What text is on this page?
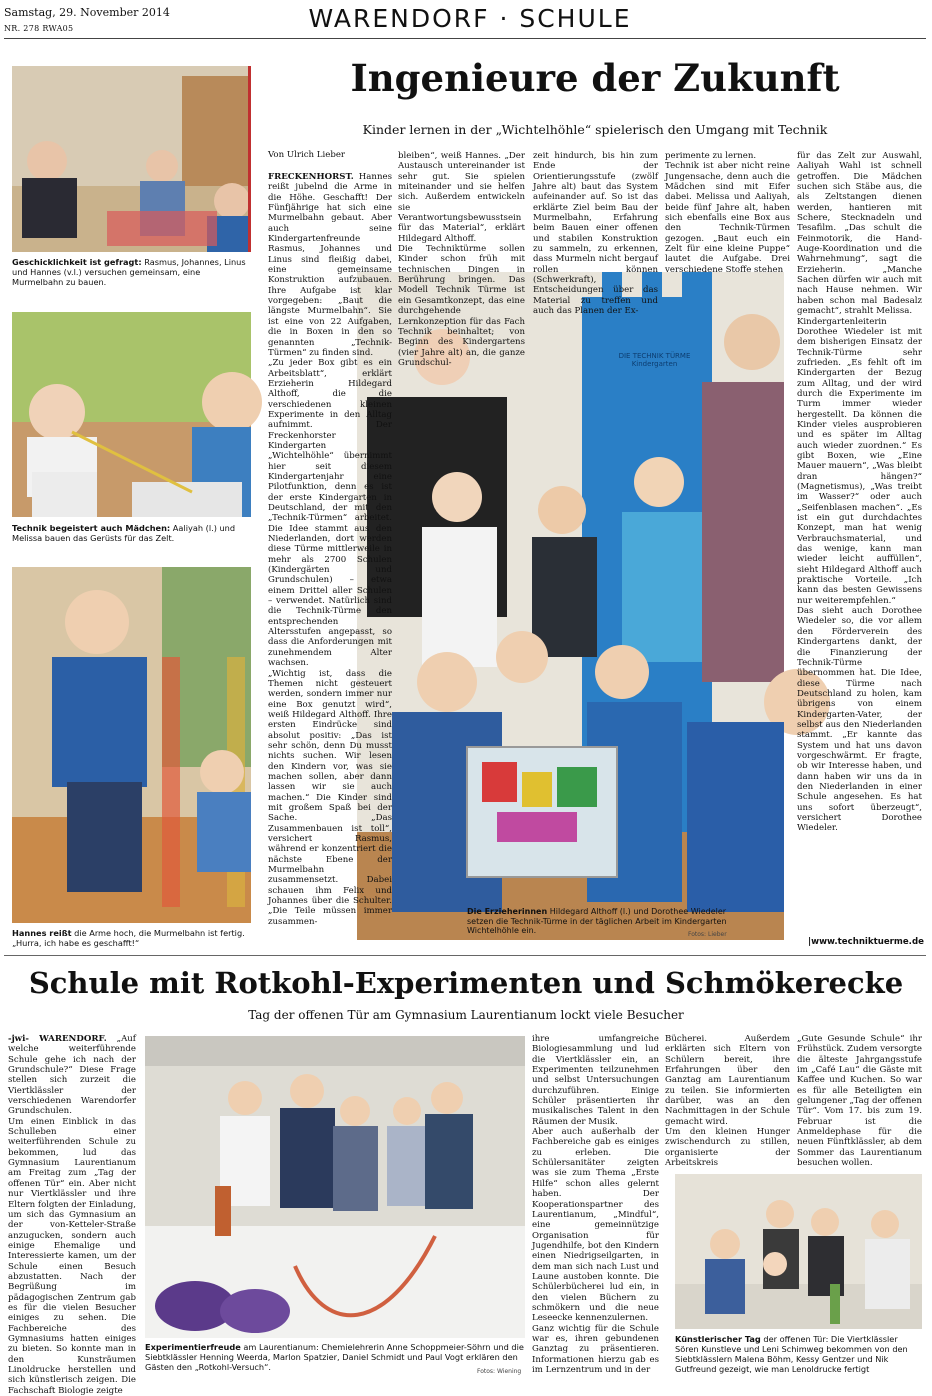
Samstag, 29. November 2014
NR. 278 RWA05	WARENDORF · SCHULE
Geschicklichkeit ist gefragt: Rasmus, Johannes, Linus und Hannes (v.l.) versuchen gemeinsam, eine Murmelbahn zu bauen.
Technik begeistert auch Mädchen: Aaliyah (l.) und Melissa bauen das Gerüsts für das Zelt.
Hannes reißt die Arme hoch, die Murmelbahn ist fertig. „Hurra, ich habe es geschafft!“
Ingenieure der Zukunft
Kinder lernen in der „Wichtelhöhle“ spielerisch den Umgang mit Technik
DIE TECHNIK TÜRME
Kindergarten
Die Erzieherinnen Hildegard Althoff (l.) und Dorothee Wiedeler setzen die Technik-Türme in der täglichen Arbeit im Kindergarten Wichtelhöhle ein.	Fotos: Lieber
Von Ulrich Lieber
FRECKENHORST. Hannes reißt jubelnd die Arme in die Höhe. Geschafft! Der Fünfjährige hat sich eine Murmelbahn gebaut. Aber auch seine Kindergartenfreunde Rasmus, Johannes und Linus sind fleißig dabei, eine gemeinsame Konstruktion aufzubauen. Ihre Aufgabe ist klar vorgegeben: „Baut die längste Murmelbahn“. Sie ist eine von 22 Aufgaben, die in Boxen in den so genannten „Technik-Türmen“ zu finden sind.
„Zu jeder Box gibt es ein Arbeitsblatt“, erklärt Erzieherin Hildegard Althoff, die die verschiedenen kleinen Experimente in den Alltag aufnimmt. Der Freckenhorster Kindergarten „Wichtelhöhle“ übernimmt hier seit diesem Kindergartenjahr eine Pilotfunktion, denn es ist der erste Kindergarten in Deutschland, der mit den „Technik-Türmen“ arbeitet. Die Idee stammt aus den Niederlanden, dort werden diese Türme mittlerweile in mehr als 2700 Schulen (Kindergärten und Grundschulen) – etwa einem Drittel aller Schulen – verwendet. Natürlich sind die Technik-Türme den entsprechenden Altersstufen angepasst, so dass die Anforderungen mit zunehmendem Alter wachsen.
„Wichtig ist, dass die Themen nicht gesteuert werden, sondern immer nur eine Box genutzt wird“, weiß Hildegard Althoff. Ihre ersten Eindrücke sind absolut positiv: „Das ist sehr schön, denn Du musst nichts suchen. Wir lesen den Kindern vor, was sie machen sollen, aber dann lassen wir sie auch machen.“ Die Kinder sind mit großem Spaß bei der Sache. „Das Zusammenbauen ist toll“, versichert Rasmus, während er konzentriert die nächste Ebene der Murmelbahn zusammensetzt. Dabei schauen ihm Felix und Johannes über die Schulter. „Die Teile müssen immer zusammen-
bleiben“, weiß Hannes. „Der Austausch untereinander ist sehr gut. Sie spielen miteinander und sie helfen sich. Außerdem entwickeln sie Verantwortungsbewusstsein für das Material“, erklärt Hildegard Althoff.
Die Techniktürme sollen Kinder schon früh mit technischen Dingen in Berührung bringen. Das Modell Technik Türme ist ein Gesamtkonzept, das eine durchgehende Lernkonzeption für das Fach Technik beinhaltet; von Beginn des Kindergartens (vier Jahre alt) an, die ganze Grundschul-
zeit hindurch, bis hin zum Ende der Orientierungsstufe (zwölf Jahre alt) baut das System aufeinander auf. So ist das erklärte Ziel beim Bau der Murmelbahn, Erfahrung beim Bauen einer offenen und stabilen Konstruktion zu sammeln, zu erkennen, dass Murmeln nicht bergauf rollen können (Schwerkraft), Entscheidungen über das Material zu treffen und auch das Planen der Ex-
perimente zu lernen.
Technik ist aber nicht reine Jungensache, denn auch die Mädchen sind mit Eifer dabei. Melissa und Aaliyah, beide fünf Jahre alt, haben sich ebenfalls eine Box aus den Technik-Türmen gezogen. „Baut euch ein Zelt für eine kleine Puppe“ lautet die Aufgabe. Drei verschiedene Stoffe stehen
für das Zelt zur Auswahl, Aaliyah Wahl ist schnell getroffen. Die Mädchen suchen sich Stäbe aus, die als Zeltstangen dienen werden, hantieren mit Schere, Stecknadeln und Tesafilm. „Das schult die Feinmotorik, die Hand-Auge-Koordination und die Wahrnehmung“, sagt die Erzieherin. „Manche Sachen dürfen wir auch mit nach Hause nehmen. Wir haben schon mal Badesalz gemacht“, strahlt Melissa.
Kindergartenleiterin Dorothee Wiedeler ist mit dem bisherigen Einsatz der Technik-Türme sehr zufrieden. „Es fehlt oft im Kindergarten der Bezug zum Alltag, und der wird durch die Experimente im Turm immer wieder hergestellt. Da können die Kinder vieles ausprobieren und es später im Alltag auch wieder zuordnen.“ Es gibt Boxen, wie „Eine Mauer mauern“, „Was bleibt dran hängen?“ (Magnetismus), „Was treibt im Wasser?“ oder auch „Seifenblasen machen“. „Es ist ein gut durchdachtes Konzept, man hat wenig Verbrauchsmaterial, und das wenige, kann man wieder leicht auffüllen“, sieht Hildegard Althoff auch praktische Vorteile. „Ich kann das besten Gewissens nur weiterempfehlen.“
Das sieht auch Dorothee Wiedeler so, die vor allem den Förderverein des Kindergartens dankt, der die Finanzierung der Technik-Türme übernommen hat. Die Idee, diese Türme nach Deutschland zu holen, kam übrigens von einem Kindergarten-Vater, der selbst aus den Niederlanden stammt. „Er kannte das System und hat uns davon vorgeschwärmt. Er fragte, ob wir Interesse haben, und dann haben wir uns da in den Niederlanden in einer Schule angesehen. Es hat uns sofort überzeugt“, versichert Dorothee Wiedeler.
|www.techniktuerme.de
Schule mit Rotkohl-Experimenten und Schmökerecke
Tag der offenen Tür am Gymnasium Laurentianum lockt viele Besucher
-jwi- WARENDORF. „Auf welche weiterführende Schule gehe ich nach der Grundschule?“ Diese Frage stellen sich zurzeit die Viertklässler der verschiedenen Warendorfer Grundschulen.
Um einen Einblick in das Schulleben einer weiterführenden Schule zu bekommen, lud das Gymnasium Laurentianum am Freitag zum „Tag der offenen Tür“ ein. Aber nicht nur Viertklässler und ihre Eltern folgten der Einladung, um sich das Gymnasium an der von-Ketteler-Straße anzugucken, sondern auch einige Ehemalige und Interessierte kamen, um der Schule einen Besuch abzustatten. Nach der Begrüßung im pädagogischen Zentrum gab es für die vielen Besucher einiges zu sehen. Die Fachbereiche des Gymnasiums hatten einiges zu bieten. So konnte man in den Kunsträumen Linoldrucke herstellen und sich künstlerisch zeigen. Die Fachschaft Biologie zeigte
Experimentierfreude am Laurentianum: Chemielehrerin Anne Schoppmeier-Söhrn und die Siebtklässler Henning Weerda, Marlon Spatzier, Daniel Schmidt und Paul Vogt erklären den Gästen den „Rotkohl-Versuch“.	Fotos: Wiening
ihre umfangreiche Biologiesammlung und lud die Viertklässler ein, an Experimenten teilzunehmen und selbst Untersuchungen durchzuführen. Einige Schüler präsentierten ihr musikalisches Talent in den Räumen der Musik.
Aber auch außerhalb der Fachbereiche gab es einiges zu erleben. Die Schülersanitäter zeigten was sie zum Thema „Erste Hilfe“ schon alles gelernt haben. Der Kooperationspartner des Laurentianum, „Mindful“, eine gemeinnützige Organisation für Jugendhilfe, bot den Kindern einen Niedrigseilgarten, in dem man sich nach Lust und Laune austoben konnte. Die Schülerbücherei lud ein, in den vielen Büchern zu schmökern und die neue Leseecke kennenzulernen.
Ganz wichtig für die Schule war es, ihren gebundenen Ganztag zu präsentieren. Informationen hierzu gab es im Lernzentrum und in der
Bücherei. Außerdem erklärten sich Eltern von Schülern bereit, ihre Erfahrungen über den Ganztag am Laurentianum zu teilen. Sie informierten darüber, was an den Nachmittagen in der Schule gemacht wird.
Um den kleinen Hunger zwischendurch zu stillen, organisierte der Arbeitskreis
„Gute Gesunde Schule“ ihr Frühstück. Zudem versorgte die älteste Jahrgangsstufe im „Café Lau“ die Gäste mit Kaffee und Kuchen. So war es für alle Beteiligten ein gelungener „Tag der offenen Tür“. Vom 17. bis zum 19. Februar ist die Anmeldephase für die neuen Fünftklässler, ab dem Sommer das Laurentianum besuchen wollen.
Künstlerischer Tag der offenen Tür: Die Viertklässler Sören Kunstleve und Leni Schimweg bekommen von den Siebtklässlern Malena Böhm, Kessy Gentzer und Nik Gutfreund gezeigt, wie man Lenoldrucke fertigt
